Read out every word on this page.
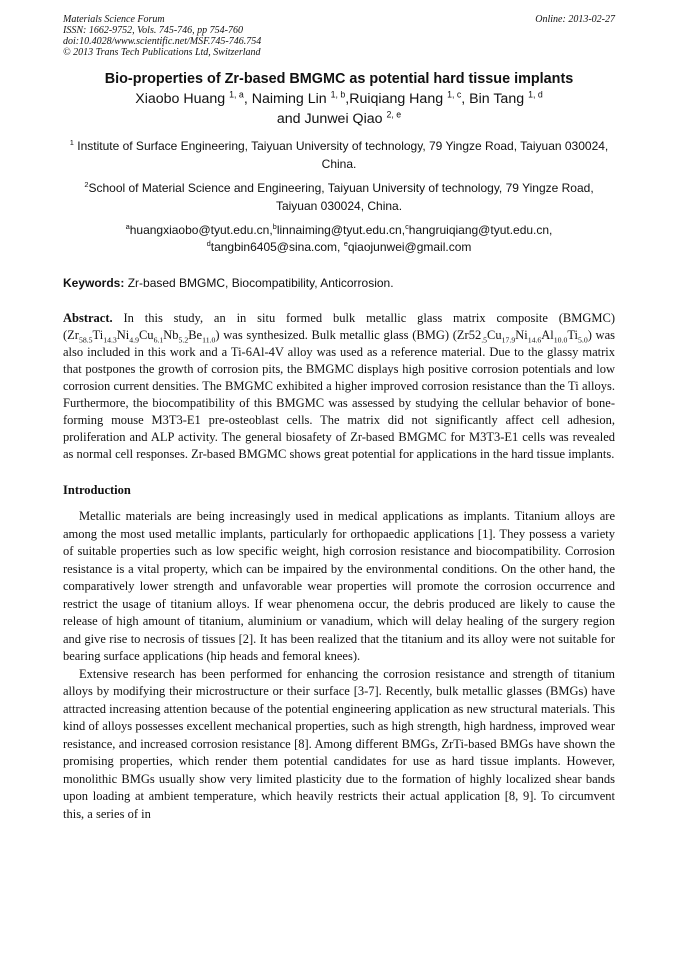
Materials Science Forum
ISSN: 1662-9752, Vols. 745-746, pp 754-760
doi:10.4028/www.scientific.net/MSF.745-746.754
© 2013 Trans Tech Publications Ltd, Switzerland
Online: 2013-02-27
Bio-properties of Zr-based BMGMC as potential hard tissue implants
Xiaobo Huang $^{1, a}$, Naiming Lin $^{1, b}$,Ruiqiang Hang $^{1, c}$, Bin Tang $^{1, d}$
and Junwei Qiao $^{2, e}$
$^1$ Institute of Surface Engineering, Taiyuan University of technology, 79 Yingze Road, Taiyuan 030024, China.
$^2$School of Material Science and Engineering, Taiyuan University of technology, 79 Yingze Road, Taiyuan 030024, China.
$^a$huangxiaobo@tyut.edu.cn,$^b$linnaiming@tyut.edu.cn,$^c$hangruiqiang@tyut.edu.cn,
$^d$tangbin6405@sina.com, $^e$qiaojunwei@gmail.com
Keywords: Zr-based BMGMC, Biocompatibility, Anticorrosion.
Abstract. In this study, an in situ formed bulk metallic glass matrix composite (BMGMC) $(Zr_{58.5}Ti_{14.3}Ni_{4.9}Cu_{6.1}Nb_{5.2}Be_{11.0})$ was synthesized. Bulk metallic glass (BMG) $(Zr52_{.5}Cu_{17.9}Ni_{14.6}Al_{10.0}Ti_{5.0})$ was also included in this work and a Ti-6Al-4V alloy was used as a reference material. Due to the glassy matrix that postpones the growth of corrosion pits, the BMGMC displays high positive corrosion potentials and low corrosion current densities. The BMGMC exhibited a higher improved corrosion resistance than the Ti alloys. Furthermore, the biocompatibility of this BMGMC was assessed by studying the cellular behavior of bone-forming mouse M3T3-E1 pre-osteoblast cells. The matrix did not significantly affect cell adhesion, proliferation and ALP activity. The general biosafety of Zr-based BMGMC for M3T3-E1 cells was revealed as normal cell responses. Zr-based BMGMC shows great potential for applications in the hard tissue implants.
Introduction

Metallic materials are being increasingly used in medical applications as implants. Titanium alloys are among the most used metallic implants, particularly for orthopaedic applications [1]. They possess a variety of suitable properties such as low specific weight, high corrosion resistance and biocompatibility. Corrosion resistance is a vital property, which can be impaired by the environmental conditions. On the other hand, the comparatively lower strength and unfavorable wear properties will promote the corrosion occurrence and restrict the usage of titanium alloys. If wear phenomena occur, the debris produced are likely to cause the release of high amount of titanium, aluminium or vanadium, which will delay healing of the surgery region and give rise to necrosis of tissues [2]. It has been realized that the titanium and its alloy were not suitable for bearing surface applications (hip heads and femoral knees).

Extensive research has been performed for enhancing the corrosion resistance and strength of titanium alloys by modifying their microstructure or their surface [3-7]. Recently, bulk metallic glasses (BMGs) have attracted increasing attention because of the potential engineering application as new structural materials. This kind of alloys possesses excellent mechanical properties, such as high strength, high hardness, improved wear resistance, and increased corrosion resistance [8]. Among different BMGs, ZrTi-based BMGs have shown the promising properties, which render them potential candidates for use as hard tissue implants. However, monolithic BMGs usually show very limited plasticity due to the formation of highly localized shear bands upon loading at ambient temperature, which heavily restricts their actual application [8, 9]. To circumvent this, a series of in
